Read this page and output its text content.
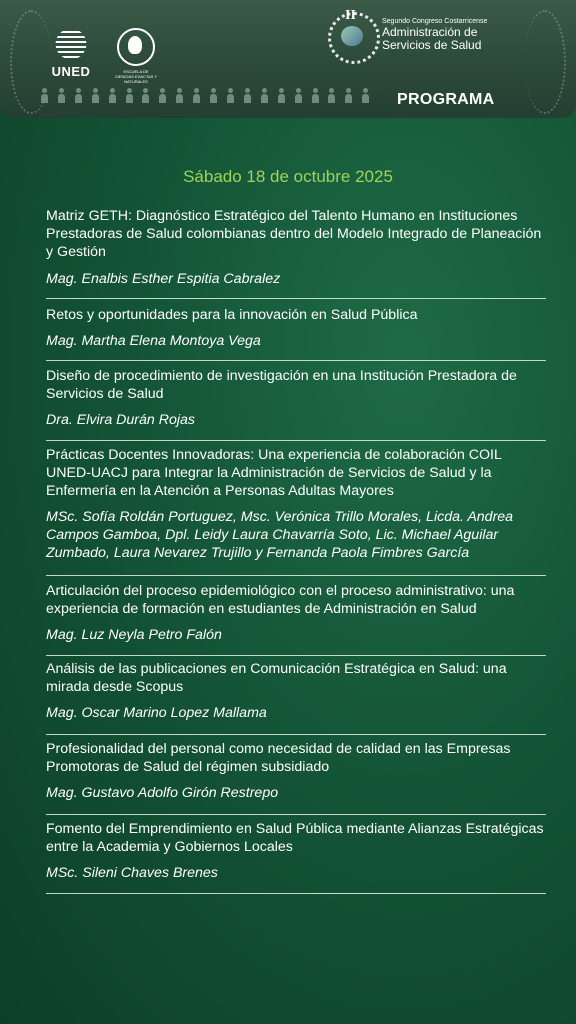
UNED	ESCUELA DE CIENCIAS EXACTAS Y NATURALES
II	Segundo Congreso Costarricense
Administración de
Servicios de Salud
PROGRAMA
Sábado 18 de octubre 2025
Matriz GETH: Diagnóstico Estratégico del Talento Humano en Instituciones Prestadoras de Salud colombianas dentro del Modelo Integrado de Planeación y Gestión
Mag. Enalbis Esther Espitia Cabralez
Retos y oportunidades para la innovación en Salud Pública
Mag. Martha Elena Montoya Vega
Diseño de procedimiento de investigación en una Institución Prestadora de Servicios de Salud
Dra. Elvira Durán Rojas
Prácticas Docentes Innovadoras: Una experiencia de colaboración COIL UNED-UACJ para Integrar la Administración de Servicios de Salud y la Enfermería en la Atención a Personas Adultas Mayores
MSc. Sofía Roldán Portuguez, Msc. Verónica Trillo Morales, Licda. Andrea Campos Gamboa, Dpl. Leidy Laura Chavarría Soto, Lic. Michael Aguilar Zumbado, Laura Nevarez Trujillo y Fernanda Paola Fimbres García
Articulación del proceso epidemiológico con el proceso administrativo: una experiencia de formación en estudiantes de Administración en Salud
Mag. Luz Neyla Petro Falón
Análisis de las publicaciones en Comunicación Estratégica en Salud: una mirada desde Scopus
Mag. Oscar Marino Lopez Mallama
Profesionalidad del personal como necesidad de calidad en las Empresas Promotoras de Salud del régimen subsidiado
Mag. Gustavo Adolfo Girón Restrepo
Fomento del Emprendimiento en Salud Pública mediante Alianzas Estratégicas entre la Academia y Gobiernos Locales
MSc. Sileni Chaves Brenes
